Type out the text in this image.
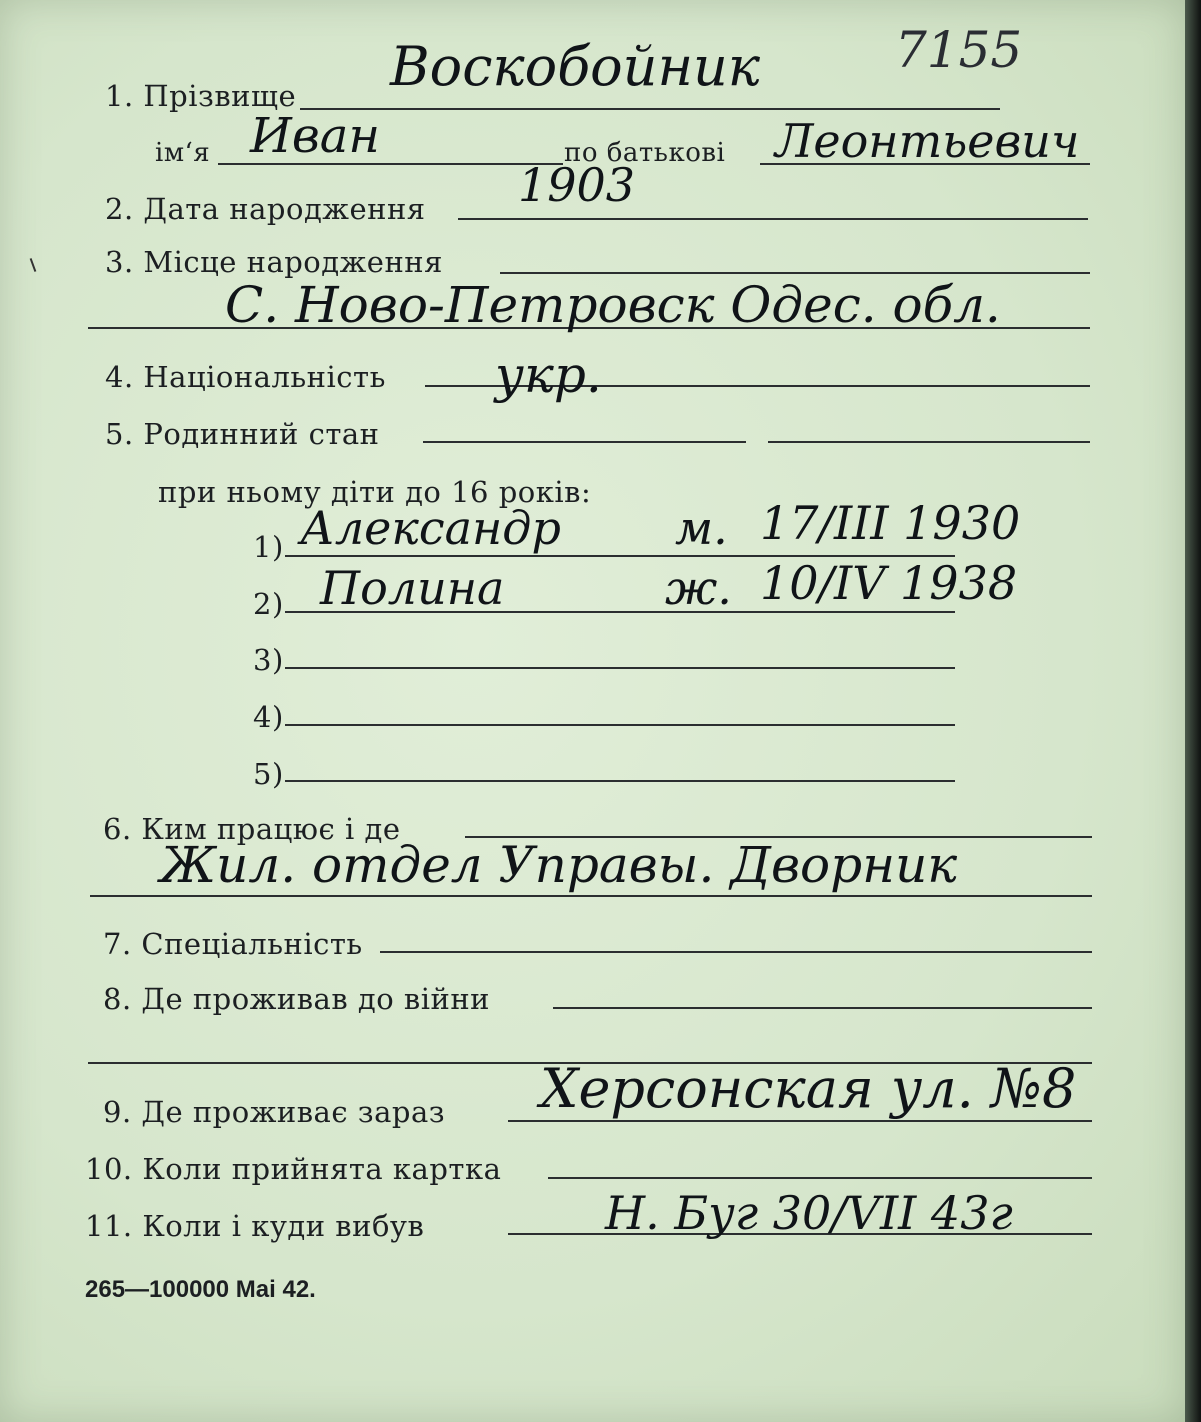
1. Прізвище Воскобойник	7155
ім‘я Иван	по батькові Леонтьевич
2. Дата народження 1903
3. Місце народження
С. Ново-Петровск Одес. обл.
4. Національність укр.
5. Родинний стан
при ньому діти до 16 років:
1) Александр м. 17/III 1930
2) Полина	ж. 10/IV 1938
3)
4)
5)
6. Ким працює і де
Жил. отдел Управы. Дворник
7. Спеціальність
8. Де проживав до війни
9. Де проживає зараз Херсонская ул. №8
10. Коли прийнята картка
11. Коли і куди вибув	Н. Буг 30/VII 43г
265—100000 Mai 42.
